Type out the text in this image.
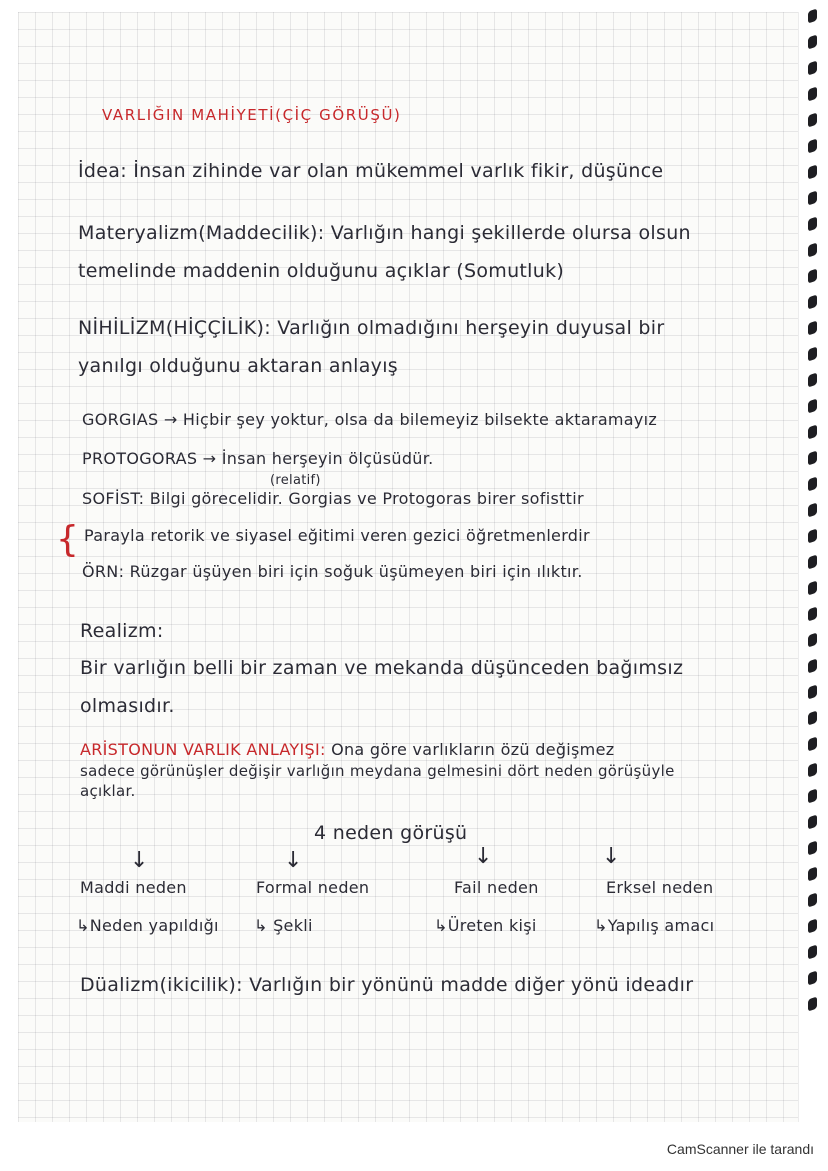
VARLIĞIN MAHİYETİ(ÇİÇ GÖRÜŞÜ)
İdea: İnsan zihinde var olan mükemmel varlık fikir, düşünce
Materyalizm(Maddecilik): Varlığın hangi şekillerde olursa olsun
temelinde maddenin olduğunu açıklar (Somutluk)
NİHİLİZM(HİÇÇİLİK): Varlığın olmadığını herşeyin duyusal bir
yanılgı olduğunu aktaran anlayış
GORGIAS → Hiçbir şey yoktur, olsa da bilemeyiz bilsekte aktaramayız
PROTOGORAS → İnsan herşeyin ölçüsüdür.
(relatif)
SOFİST: Bilgi görecelidir. Gorgias ve Protogoras birer sofisttir
{ Parayla retorik ve siyasel eğitimi veren gezici öğretmenlerdir
ÖRN: Rüzgar üşüyen biri için soğuk üşümeyen biri için ılıktır.
Realizm:
Bir varlığın belli bir zaman ve mekanda düşünceden bağımsız
olmasıdır.
ARİSTONUN VARLIK ANLAYIŞI: Ona göre varlıkların özü değişmez
sadece görünüşler değişir varlığın meydana gelmesini dört neden görüşüyle
açıklar.
4 neden görüşü
↓	↓	↓	↓
Maddi neden	Formal neden	Fail neden	Erksel neden
↳Neden yapıldığı ↳ Şekli	↳Üreten kişi	↳Yapılış amacı
Düalizm(ikicilik): Varlığın bir yönünü madde diğer yönü ideadır
CamScanner ile tarandı
